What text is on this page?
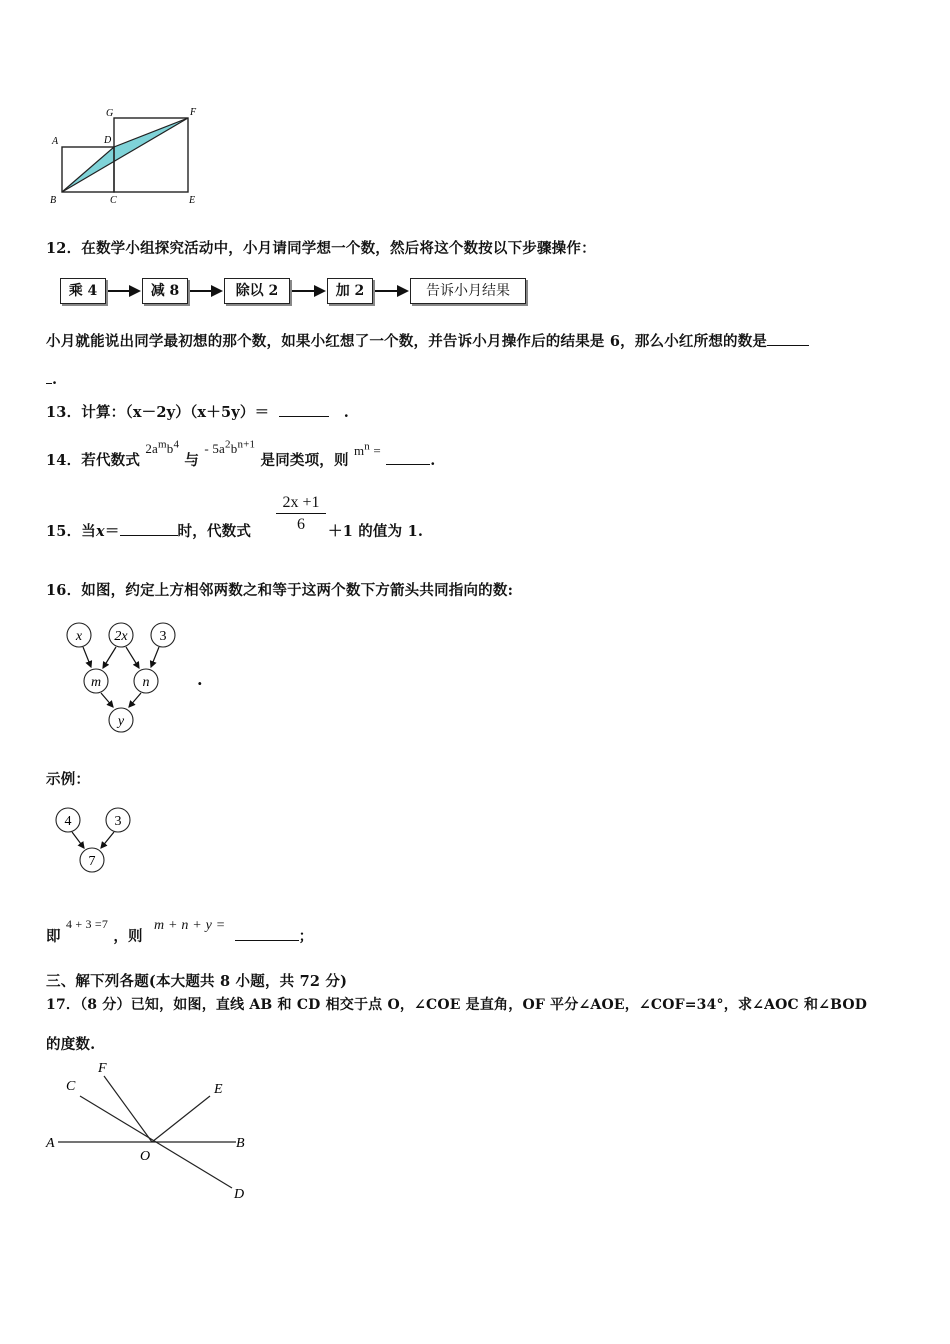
A
B	C
D
E
F
G
12．在数学小组探究活动中，小月请同学想一个数，然后将这个数按以下步骤操作：
乘 4	减 8	除以 2	加 2	告诉小月结果
小月就能说出同学最初想的那个数，如果小红想了一个数，并告诉小月操作后的结果是 6，那么小红所想的数是
.
13．计算：（x－2y）（x＋5y）＝	.
14．若代数式 $2a^mb^4$ 与 - $5a^2b^{n+1}$ 是同类项，则 $m^n$ = .
15．当x＝	时，代数式 $\frac{2x +1}{6} +1$ 的值为 1.
16．如图，约定上方相邻两数之和等于这两个数下方箭头共同指向的数:
x 2x 3
m	n
y
.
示例：
4	3
7
即 $^{4 + 3 =7}$ ，则 m + n + y = ；
三、解下列各题(本大题共 8 小题，共 72 分)
17．（8 分）已知，如图，直线 AB 和 CD 相交于点 O，∠COE 是直角，OF 平分∠AOE，∠COF=34°，求∠AOC 和∠BOD
的度数.
A	B
C
D
E
F
O
